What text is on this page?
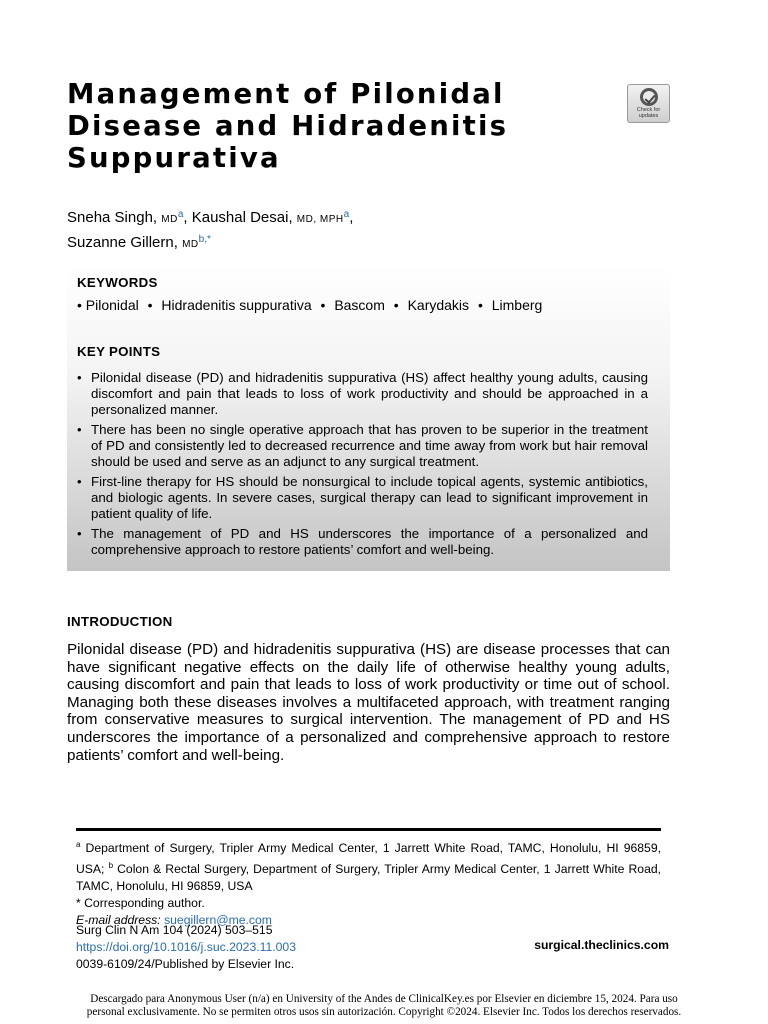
Management of Pilonidal
Disease and Hidradenitis
Suppurativa
Check for
updates
Sneha Singh, MD$^a$, Kaushal Desai, MD, MPH$^a$,
Suzanne Gillern, MD$^{b,*}$
KEYWORDS
• Pilonidal • Hidradenitis suppurativa • Bascom • Karydakis • Limberg
KEY POINTS
• Pilonidal disease (PD) and hidradenitis suppurativa (HS) affect healthy young adults, causing discomfort and pain that leads to loss of work productivity and should be approached in a personalized manner.
• There has been no single operative approach that has proven to be superior in the treatment of PD and consistently led to decreased recurrence and time away from work but hair removal should be used and serve as an adjunct to any surgical treatment.
• First-line therapy for HS should be nonsurgical to include topical agents, systemic antibiotics, and biologic agents. In severe cases, surgical therapy can lead to significant improvement in patient quality of life.
• The management of PD and HS underscores the importance of a personalized and comprehensive approach to restore patients’ comfort and well-being.
INTRODUCTION

Pilonidal disease (PD) and hidradenitis suppurativa (HS) are disease processes that can have significant negative effects on the daily life of otherwise healthy young adults, causing discomfort and pain that leads to loss of work productivity or time out of school. Managing both these diseases involves a multifaceted approach, with treatment ranging from conservative measures to surgical intervention. The management of PD and HS underscores the importance of a personalized and comprehensive approach to restore patients’ comfort and well-being.

$^a$ Department of Surgery, Tripler Army Medical Center, 1 Jarrett White Road, TAMC, Honolulu, HI 96859, USA; $^b$ Colon & Rectal Surgery, Department of Surgery, Tripler Army Medical Center, 1 Jarrett White Road, TAMC, Honolulu, HI 96859, USA
* Corresponding author.
E-mail address: suegillern@me.com
Surg Clin N Am 104 (2024) 503–515
https://doi.org/10.1016/j.suc.2023.11.003
0039-6109/24/Published by Elsevier Inc.
surgical.theclinics.com
Descargado para Anonymous User (n/a) en University of the Andes de ClinicalKey.es por Elsevier en diciembre 15, 2024. Para uso
personal exclusivamente. No se permiten otros usos sin autorización. Copyright ©2024. Elsevier Inc. Todos los derechos reservados.
